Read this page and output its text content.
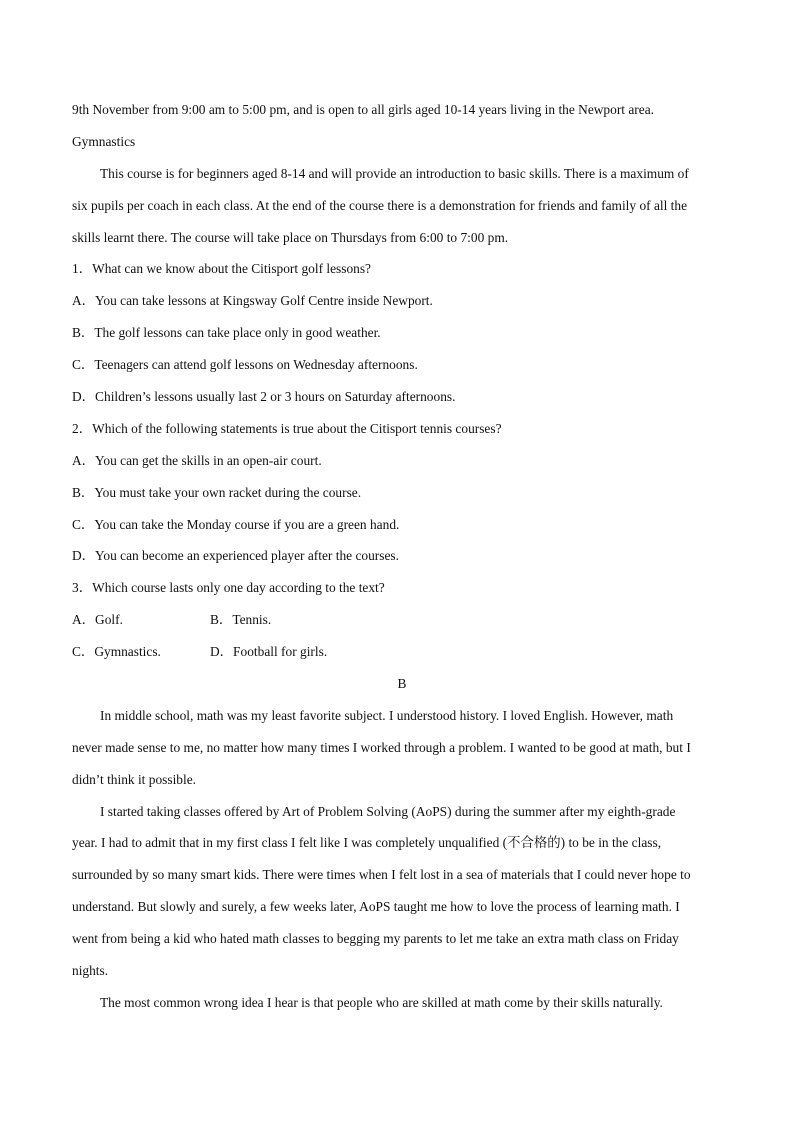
9th November from 9:00 am to 5:00 pm, and is open to all girls aged 10-14 years living in the Newport area.
Gymnastics
This course is for beginners aged 8-14 and will provide an introduction to basic skills. There is a maximum of
six pupils per coach in each class. At the end of the course there is a demonstration for friends and family of all the
skills learnt there. The course will take place on Thursdays from 6:00 to 7:00 pm.
1．What can we know about the Citisport golf lessons?
A．You can take lessons at Kingsway Golf Centre inside Newport.
B．The golf lessons can take place only in good weather.
C．Teenagers can attend golf lessons on Wednesday afternoons.
D．Children’s lessons usually last 2 or 3 hours on Saturday afternoons.
2．Which of the following statements is true about the Citisport tennis courses?
A．You can get the skills in an open-air court.
B．You must take your own racket during the course.
C．You can take the Monday course if you are a green hand.
D．You can become an experienced player after the courses.
3．Which course lasts only one day according to the text?
A．Golf.	B．Tennis.
C．Gymnastics.	D．Football for girls.
B
In middle school, math was my least favorite subject. I understood history. I loved English. However, math
never made sense to me, no matter how many times I worked through a problem. I wanted to be good at math, but I
didn’t think it possible.
I started taking classes offered by Art of Problem Solving (AoPS) during the summer after my eighth-grade
year. I had to admit that in my first class I felt like I was completely unqualified (不合格的) to be in the class,
surrounded by so many smart kids. There were times when I felt lost in a sea of materials that I could never hope to
understand. But slowly and surely, a few weeks later, AoPS taught me how to love the process of learning math. I
went from being a kid who hated math classes to begging my parents to let me take an extra math class on Friday
nights.
The most common wrong idea I hear is that people who are skilled at math come by their skills naturally.
